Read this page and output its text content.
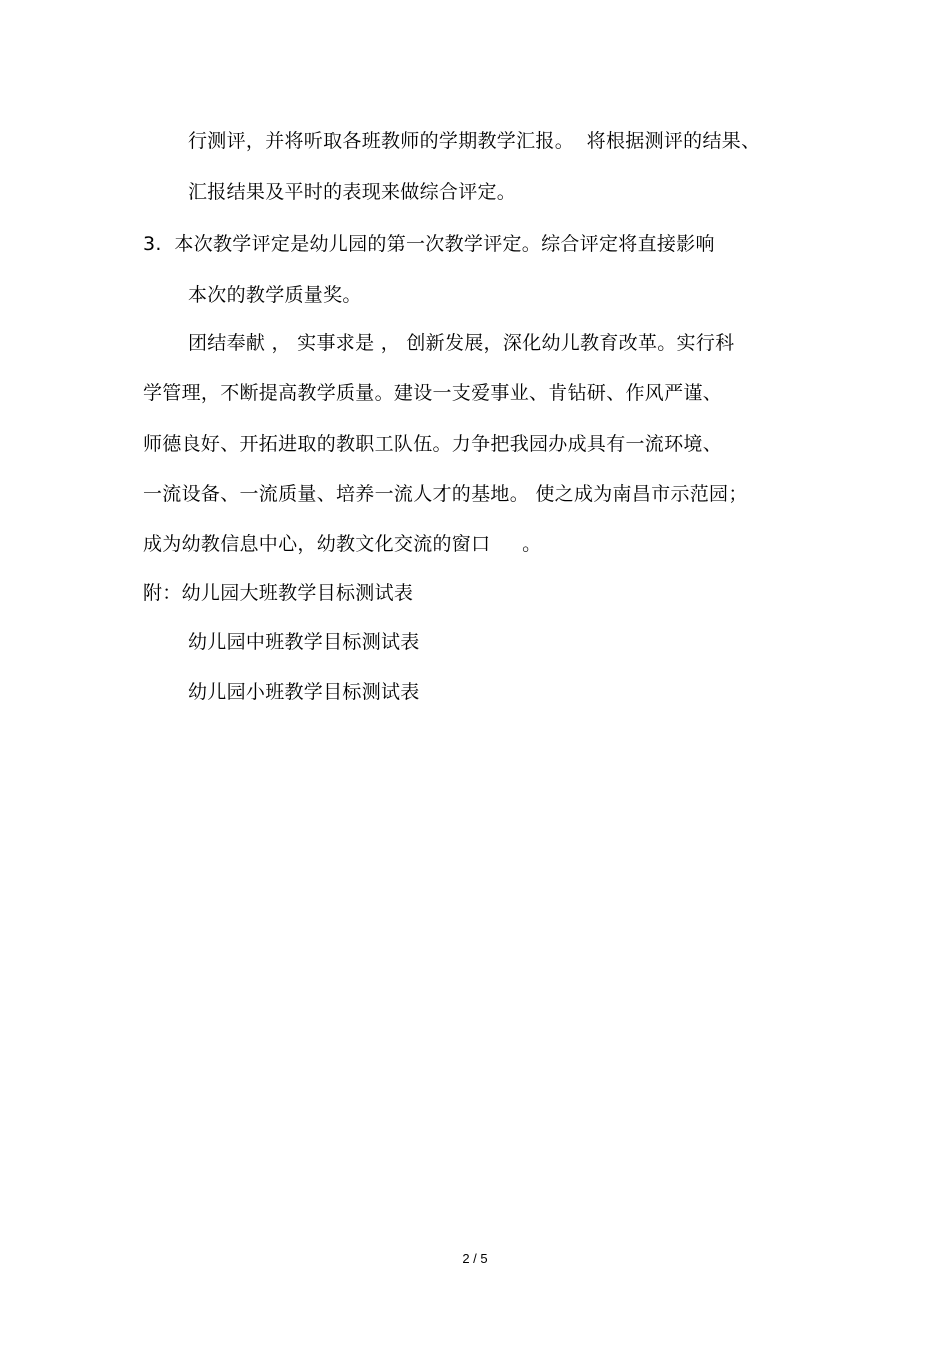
行测评，并将听取各班教师的学期教学汇报。  将根据测评的结果、
汇报结果及平时的表现来做综合评定。
3.  本次教学评定是幼儿园的第一次教学评定。综合评定将直接影响
本次的教学质量奖。
团结奉献 ， 实事求是 ， 创新发展，深化幼儿教育改革。实行科
学管理，不断提高教学质量。建设一支爱事业、肯钻研、作风严谨、
师德良好、开拓进取的教职工队伍。力争把我园办成具有一流环境、
一流设备、一流质量、培养一流人才的基地。 使之成为南昌市示范园；
成为幼教信息中心，幼教文化交流的窗口     。
附：幼儿园大班教学目标测试表
幼儿园中班教学目标测试表
幼儿园小班教学目标测试表
2 / 5
